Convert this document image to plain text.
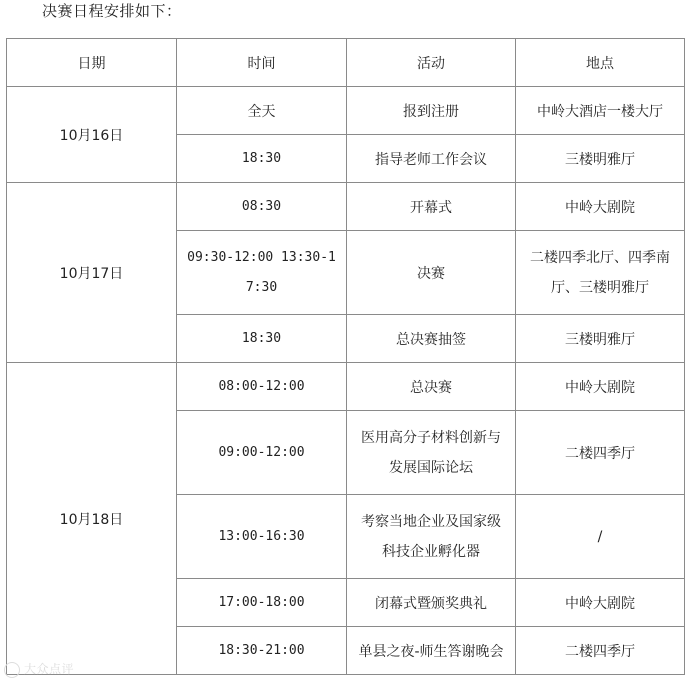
决赛日程安排如下：
日期	时间	活动	地点
10月16日	全天	报到注册	中岭大酒店一楼大厅
	18:30	指导老师工作会议	三楼明雅厅
10月17日	08:30	开幕式	中岭大剧院
	09:30-12:00 13:30-17:30	决赛	二楼四季北厅、四季南厅、三楼明雅厅
	18:30	总决赛抽签	三楼明雅厅
10月18日	08:00-12:00	总决赛	中岭大剧院
	09:00-12:00	医用高分子材料创新与发展国际论坛	二楼四季厅
	13:00-16:30	考察当地企业及国家级科技企业孵化器	/
	17:00-18:00	闭幕式暨颁奖典礼	中岭大剧院
	18:30-21:00	单县之夜-师生答谢晚会	二楼四季厅
大众点评
